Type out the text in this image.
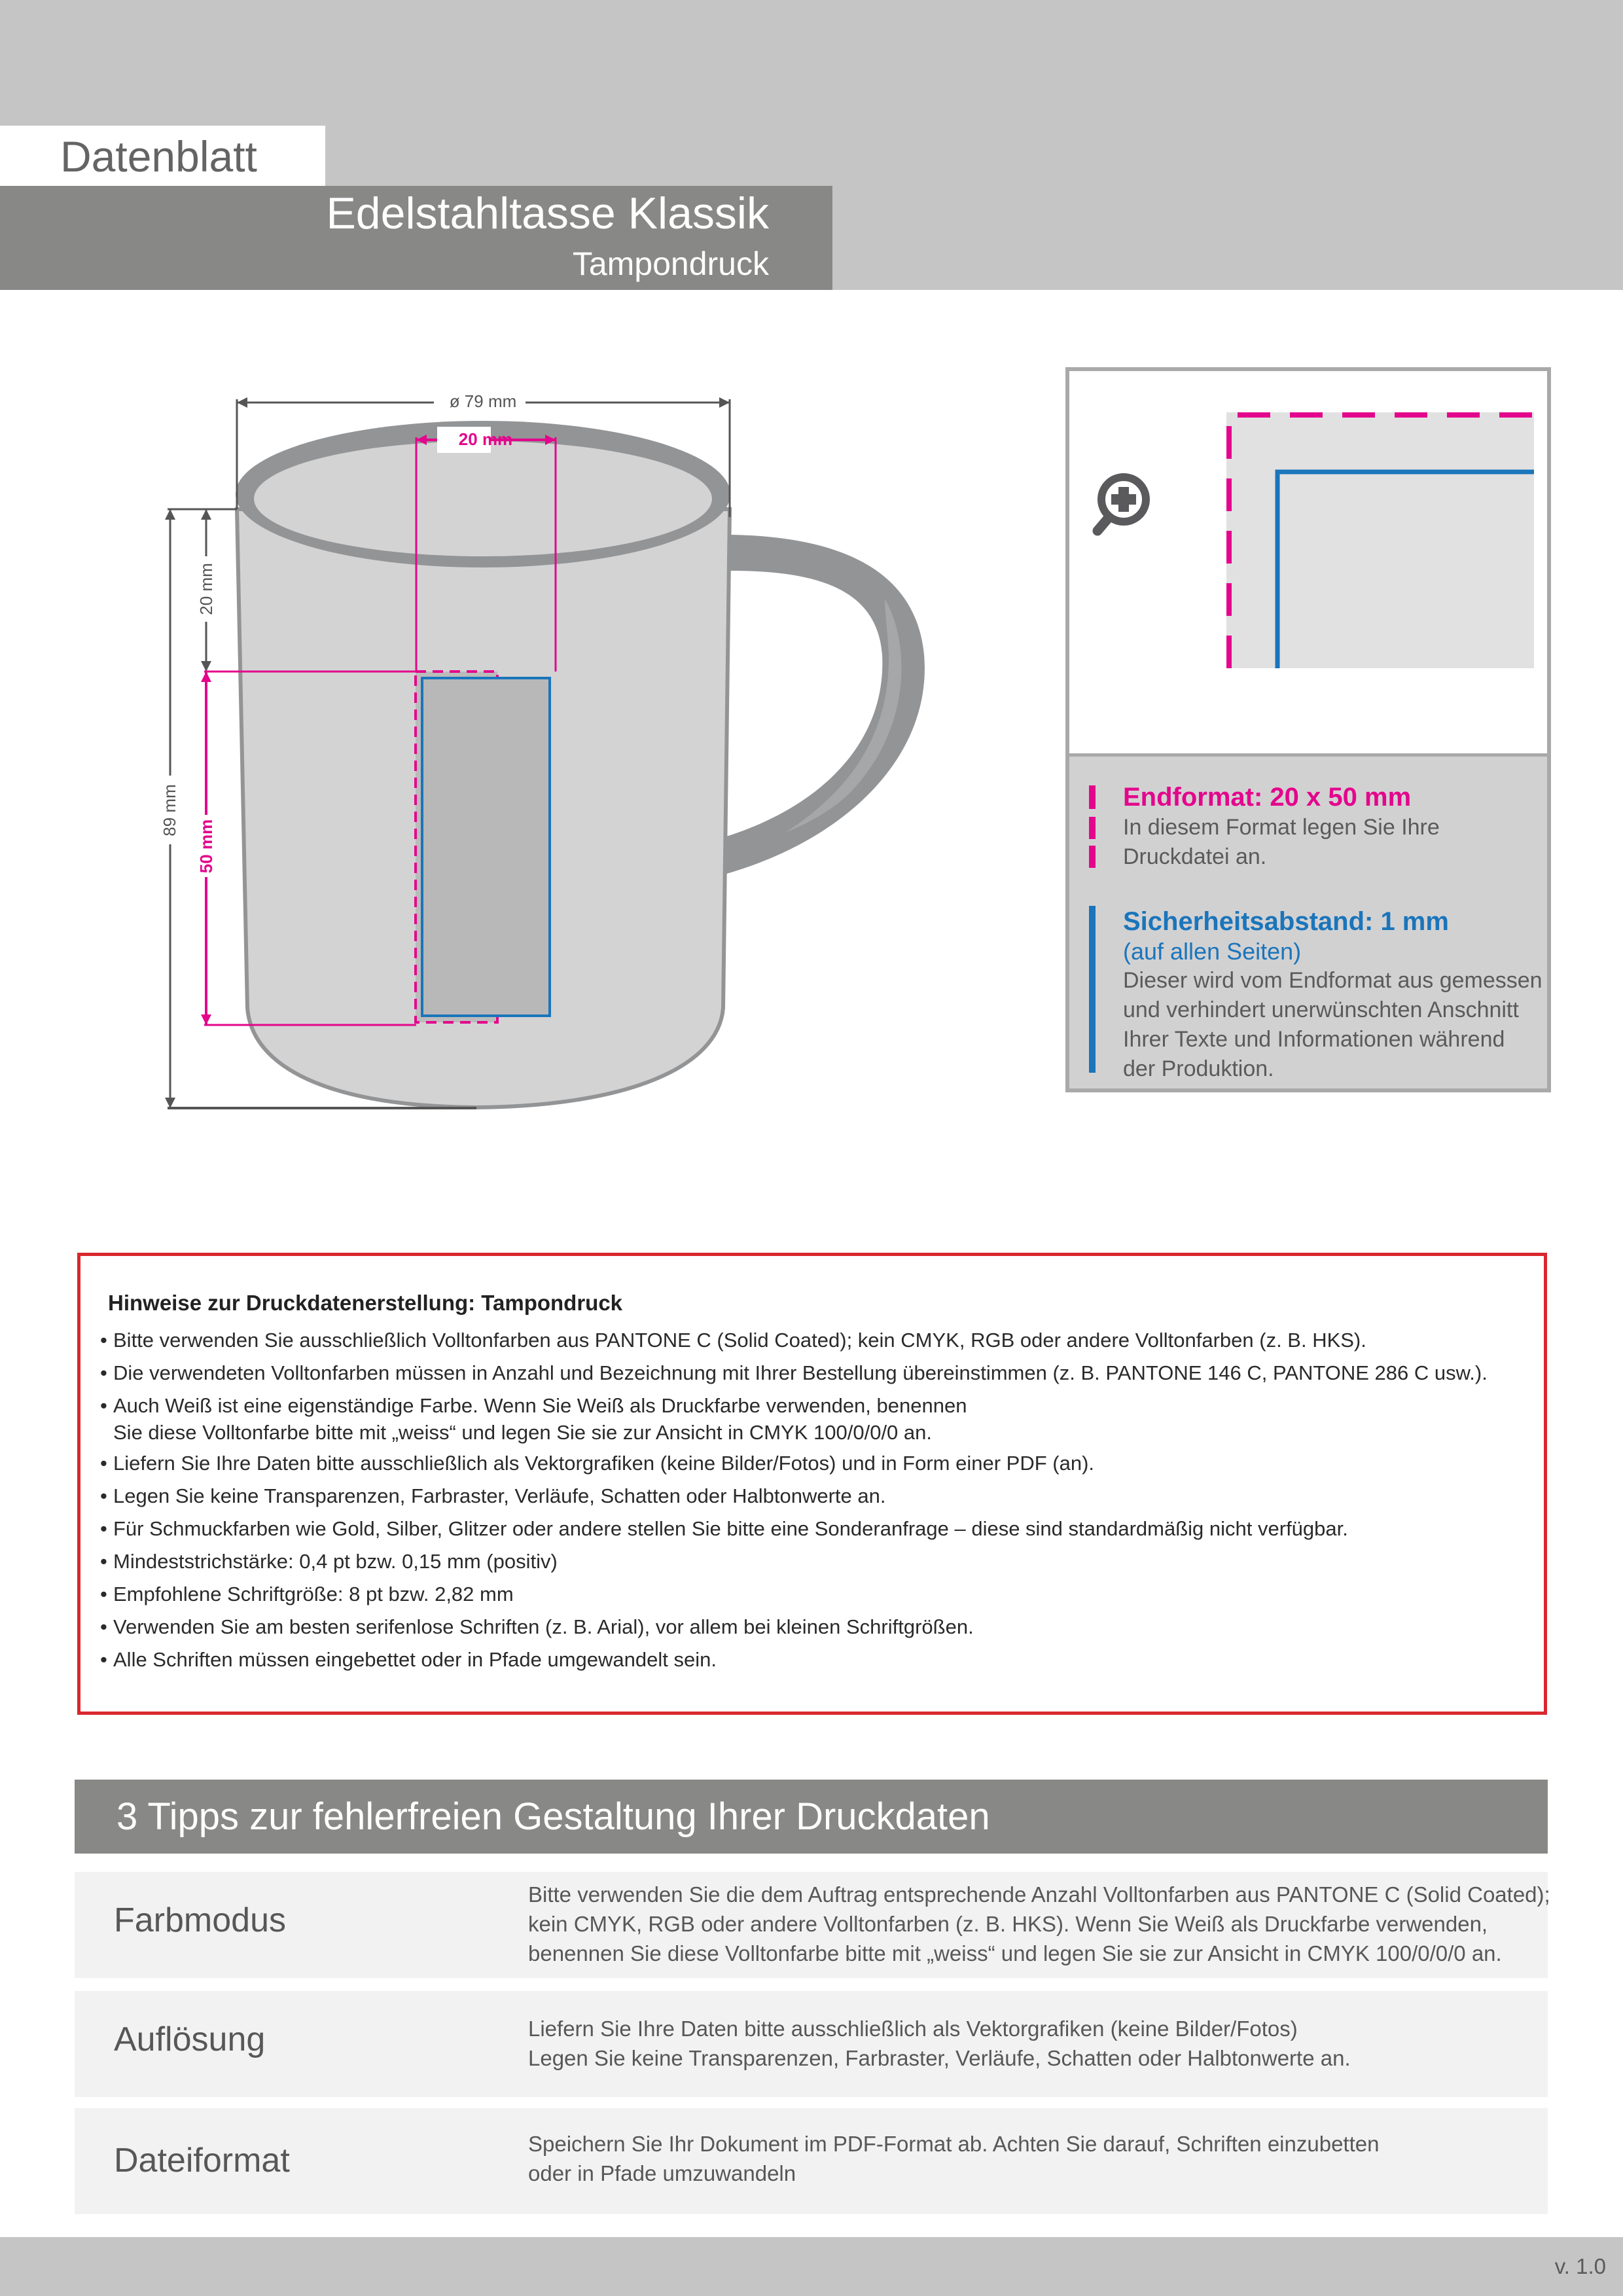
Datenblatt
Edelstahltasse Klassik
Tampondruck
ø 79 mm
20 mm
89 mm
20 mm
50 mm
Endformat: 20 x 50 mm
In diesem Format legen Sie Ihre
Druckdatei an.
Sicherheitsabstand: 1 mm
(auf allen Seiten)
Dieser wird vom Endformat aus gemessen
und verhindert unerwünschten Anschnitt
Ihrer Texte und Informationen während
der Produktion.
Hinweise zur Druckdatenerstellung: Tampondruck
• Bitte verwenden Sie ausschließlich Volltonfarben aus PANTONE C (Solid Coated); kein CMYK, RGB oder andere Volltonfarben (z. B. HKS).
• Die verwendeten Volltonfarben müssen in Anzahl und Bezeichnung mit Ihrer Bestellung übereinstimmen (z. B. PANTONE 146 C, PANTONE 286 C usw.).
• Auch Weiß ist eine eigenständige Farbe. Wenn Sie Weiß als Druckfarbe verwenden, benennen
Sie diese Volltonfarbe bitte mit „weiss“ und legen Sie sie zur Ansicht in CMYK 100/0/0/0 an.
• Liefern Sie Ihre Daten bitte ausschließlich als Vektorgrafiken (keine Bilder/Fotos) und in Form einer PDF (an).
• Legen Sie keine Transparenzen, Farbraster, Verläufe, Schatten oder Halbtonwerte an.
• Für Schmuckfarben wie Gold, Silber, Glitzer oder andere stellen Sie bitte eine Sonderanfrage – diese sind standardmäßig nicht verfügbar.
• Mindeststrichstärke: 0,4 pt bzw. 0,15 mm (positiv)
• Empfohlene Schriftgröße: 8 pt bzw. 2,82 mm
• Verwenden Sie am besten serifenlose Schriften (z. B. Arial), vor allem bei kleinen Schriftgrößen.
• Alle Schriften müssen eingebettet oder in Pfade umgewandelt sein.
3 Tipps zur fehlerfreien Gestaltung Ihrer Druckdaten
Farbmodus
Bitte verwenden Sie die dem Auftrag entsprechende Anzahl Volltonfarben aus PANTONE C (Solid Coated);
kein CMYK, RGB oder andere Volltonfarben (z. B. HKS). Wenn Sie Weiß als Druckfarbe verwenden,
benennen Sie diese Volltonfarbe bitte mit „weiss“ und legen Sie sie zur Ansicht in CMYK 100/0/0/0 an.
Auflösung	Liefern Sie Ihre Daten bitte ausschließlich als Vektorgrafiken (keine Bilder/Fotos)
Legen Sie keine Transparenzen, Farbraster, Verläufe, Schatten oder Halbtonwerte an.
Dateiformat	Speichern Sie Ihr Dokument im PDF-Format ab. Achten Sie darauf, Schriften einzubetten
oder in Pfade umzuwandeln
v. 1.0
